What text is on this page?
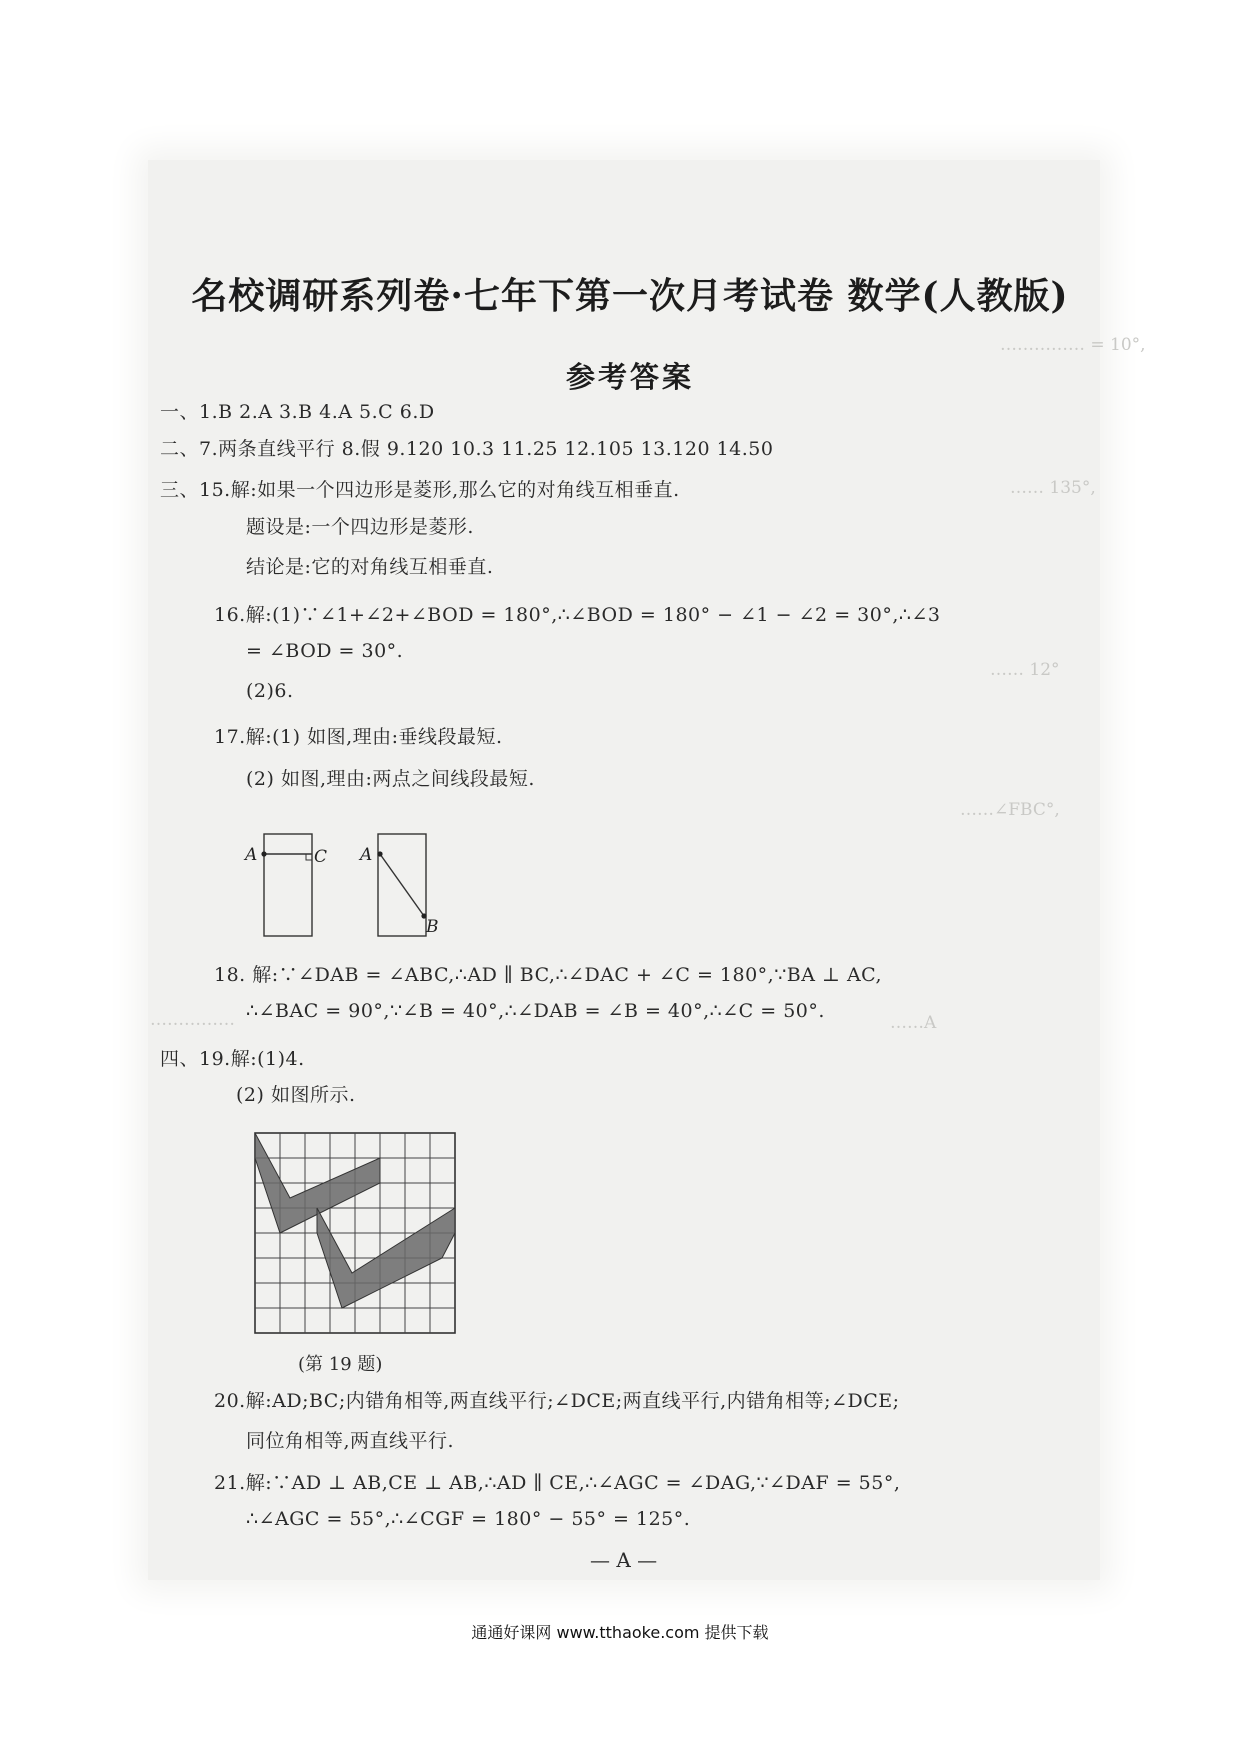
…………… = 10°,
…… 135°,
…… 12°
……∠FBC°,
……………	……A
名校调研系列卷·七年下第一次月考试卷 数学(人教版)
参考答案
一、1.B 2.A 3.B 4.A 5.C 6.D
二、7.两条直线平行 8.假 9.120 10.3 11.25 12.105 13.120 14.50
三、15.解:如果一个四边形是菱形,那么它的对角线互相垂直.
题设是:一个四边形是菱形.
结论是:它的对角线互相垂直.
16.解:(1)∵∠1+∠2+∠BOD = 180°,∴∠BOD = 180° − ∠1 − ∠2 = 30°,∴∠3
= ∠BOD = 30°.
(2)6.
17.解:(1) 如图,理由:垂线段最短.
(2) 如图,理由:两点之间线段最短.
A	C A
B
18. 解:∵∠DAB = ∠ABC,∴AD ∥ BC,∴∠DAC + ∠C = 180°,∵BA ⊥ AC,
∴∠BAC = 90°,∵∠B = 40°,∴∠DAB = ∠B = 40°,∴∠C = 50°.
四、19.解:(1)4.
(2) 如图所示.
(第 19 题)
20.解:AD;BC;内错角相等,两直线平行;∠DCE;两直线平行,内错角相等;∠DCE;
同位角相等,两直线平行.
21.解:∵AD ⊥ AB,CE ⊥ AB,∴AD ∥ CE,∴∠AGC = ∠DAG,∵∠DAF = 55°,
∴∠AGC = 55°,∴∠CGF = 180° − 55° = 125°.
— A —
通通好课网 www.tthaoke.com 提供下载
